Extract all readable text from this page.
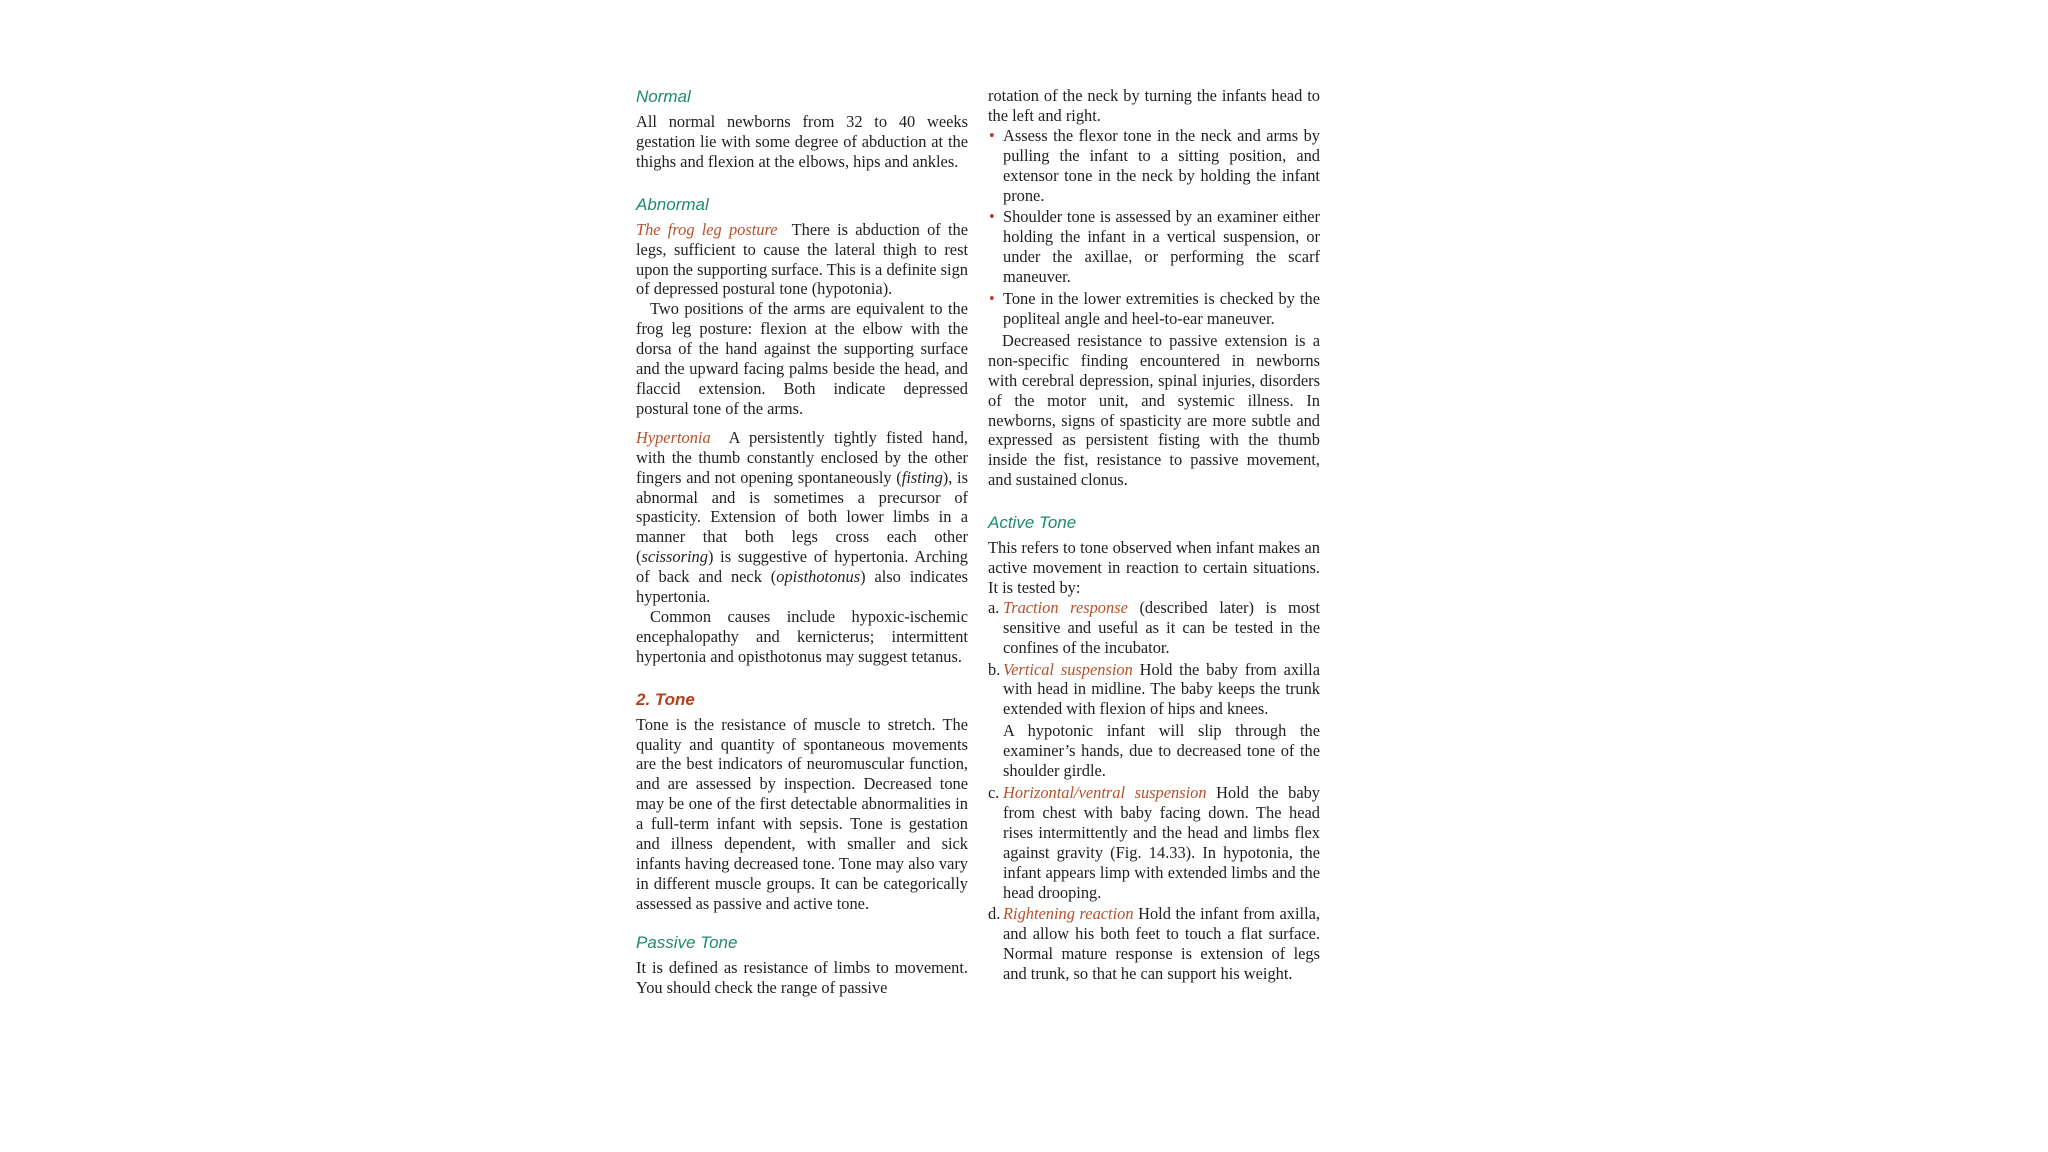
Normal

All normal newborns from 32 to 40 weeks gestation lie with some degree of abduction at the thighs and flexion at the elbows, hips and ankles.

Abnormal

The frog leg posture There is abduction of the legs, sufficient to cause the lateral thigh to rest upon the supporting surface. This is a definite sign of depressed postural tone (hypotonia).

Two positions of the arms are equivalent to the frog leg posture: flexion at the elbow with the dorsa of the hand against the supporting surface and the upward facing palms beside the head, and flaccid extension. Both indicate depressed postural tone of the arms.

Hypertonia A persistently tightly fisted hand, with the thumb constantly enclosed by the other fingers and not opening spontaneously (fisting), is abnormal and is sometimes a precursor of spasticity. Extension of both lower limbs in a manner that both legs cross each other (scissoring) is suggestive of hypertonia. Arching of back and neck (opisthotonus) also indicates hypertonia.

Common causes include hypoxic-ischemic encephalopathy and kernicterus; intermittent hypertonia and opisthotonus may suggest tetanus.

2. Tone

Tone is the resistance of muscle to stretch. The quality and quantity of spontaneous movements are the best indicators of neuromuscular function, and are assessed by inspection. Decreased tone may be one of the first detectable abnormalities in a full-term infant with sepsis. Tone is gestation and illness dependent, with smaller and sick infants having decreased tone. Tone may also vary in different muscle groups. It can be categorically assessed as passive and active tone.

Passive Tone

It is defined as resistance of limbs to movement. You should check the range of passive

rotation of the neck by turning the infants head to the left and right.

• Assess the flexor tone in the neck and arms by pulling the infant to a sitting position, and extensor tone in the neck by holding the infant prone.
• Shoulder tone is assessed by an examiner either holding the infant in a vertical suspension, or under the axillae, or performing the scarf maneuver.
• Tone in the lower extremities is checked by the popliteal angle and heel-to-ear maneuver.

Decreased resistance to passive extension is a non-specific finding encountered in newborns with cerebral depression, spinal injuries, disorders of the motor unit, and systemic illness. In newborns, signs of spasticity are more subtle and expressed as persistent fisting with the thumb inside the fist, resistance to passive movement, and sustained clonus.

Active Tone

This refers to tone observed when infant makes an active movement in reaction to certain situations. It is tested by:

a. Traction response (described later) is most sensitive and useful as it can be tested in the confines of the incubator.
b. Vertical suspension Hold the baby from axilla with head in midline. The baby keeps the trunk extended with flexion of hips and knees.

A hypotonic infant will slip through the examiner’s hands, due to decreased tone of the shoulder girdle.

c. Horizontal/ventral suspension Hold the baby from chest with baby facing down. The head rises intermittently and the head and limbs flex against gravity (Fig. 14.33). In hypotonia, the infant appears limp with extended limbs and the head drooping.
d. Rightening reaction Hold the infant from axilla, and allow his both feet to touch a flat surface. Normal mature response is extension of legs and trunk, so that he can support his weight.
